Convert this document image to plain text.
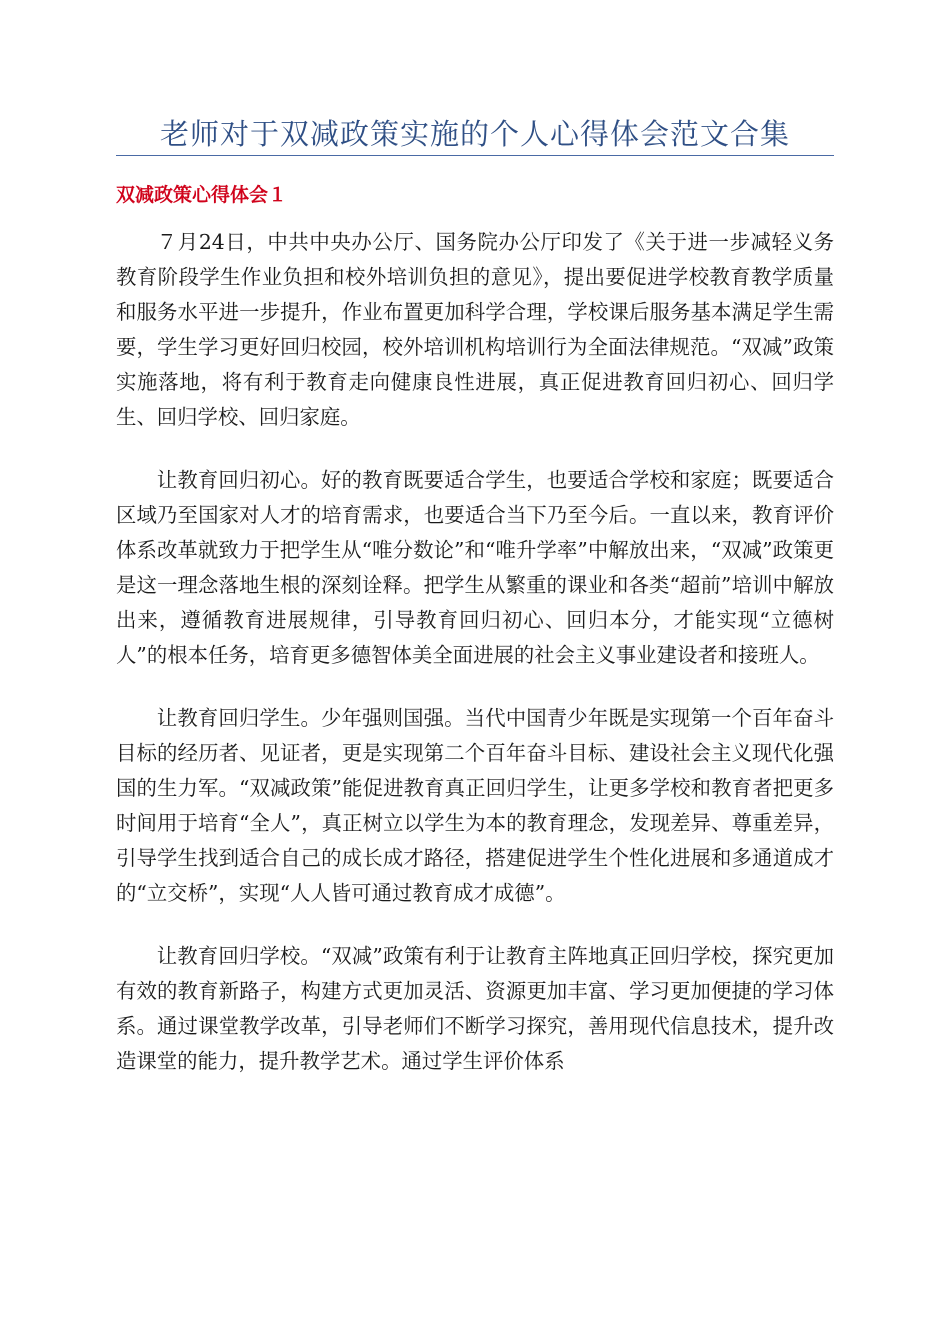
老师对于双减政策实施的个人心得体会范文合集
双减政策心得体会１

７月24日，中共中央办公厅、国务院办公厅印发了《关于进一步减轻义务教育阶段学生作业负担和校外培训负担的意见》，提出要促进学校教育教学质量和服务水平进一步提升，作业布置更加科学合理，学校课后服务基本满足学生需要，学生学习更好回归校园，校外培训机构培训行为全面法律规范。“双减”政策实施落地，将有利于教育走向健康良性进展，真正促进教育回归初心、回归学生、回归学校、回归家庭。

让教育回归初心。好的教育既要适合学生，也要适合学校和家庭；既要适合区域乃至国家对人才的培育需求，也要适合当下乃至今后。一直以来，教育评价体系改革就致力于把学生从“唯分数论”和“唯升学率”中解放出来，“双减”政策更是这一理念落地生根的深刻诠释。把学生从繁重的课业和各类“超前”培训中解放出来，遵循教育进展规律，引导教育回归初心、回归本分，才能实现“立德树人”的根本任务，培育更多德智体美全面进展的社会主义事业建设者和接班人。

让教育回归学生。少年强则国强。当代中国青少年既是实现第一个百年奋斗目标的经历者、见证者，更是实现第二个百年奋斗目标、建设社会主义现代化强国的生力军。“双减政策”能促进教育真正回归学生，让更多学校和教育者把更多时间用于培育“全人”，真正树立以学生为本的教育理念，发现差异、尊重差异，引导学生找到适合自己的成长成才路径，搭建促进学生个性化进展和多通道成才的“立交桥”，实现“人人皆可通过教育成才成德”。

让教育回归学校。“双减”政策有利于让教育主阵地真正回归学校，探究更加有效的教育新路子，构建方式更加灵活、资源更加丰富、学习更加便捷的学习体系。通过课堂教学改革，引导老师们不断学习探究，善用现代信息技术，提升改造课堂的能力，提升教学艺术。通过学生评价体系
